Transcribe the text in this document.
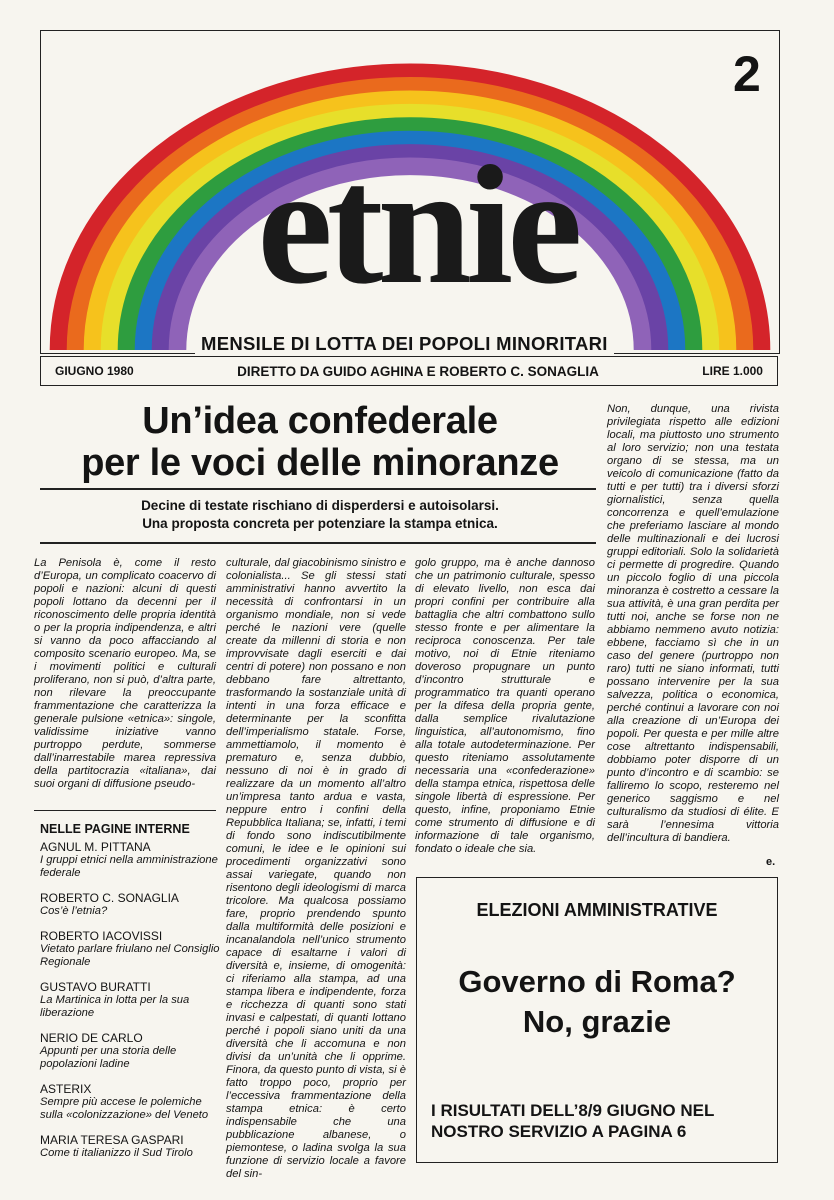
2
etnie
MENSILE DI LOTTA DEI POPOLI MINORITARI
GIUGNO 1980	DIRETTO DA GUIDO AGHINA E ROBERTO C. SONAGLIA	LIRE 1.000
Un’idea confederale
per le voci delle minoranze
Decine di testate rischiano di disperdersi e autoisolarsi.
Una proposta concreta per potenziare la stampa etnica.

La Penisola è, come il resto d’Europa, un complicato coacervo di popoli e nazioni: alcuni di questi popoli lottano da decenni per il riconoscimento delle propria identità o per la propria indipendenza, e altri si vanno da poco affacciando al composito scenario europeo. Ma, se i movimenti politici e culturali proliferano, non si può, d’altra parte, non rilevare la preoccupante frammentazione che caratterizza la generale pulsione «etnica»: singole, validissime iniziative vanno purtroppo perdute, sommerse dall’inarrestabile marea repressiva della partitocrazia «italiana», dai suoi organi di diffusione pseudo-

culturale, dal giacobinismo sinistro e colonialista... Se gli stessi stati amministrativi hanno avvertito la necessità di confrontarsi in un organismo mondiale, non si vede perché le nazioni vere (quelle create da millenni di storia e non improvvisate dagli eserciti e dai centri di potere) non possano e non debbano fare altrettanto, trasformando la sostanziale unità di intenti in una forza efficace e determinante per la sconfitta dell’imperialismo statale. Forse, ammettiamolo, il momento è prematuro e, senza dubbio, nessuno di noi è in grado di realizzare da un momento all’altro un’impresa tanto ardua e vasta, neppure entro i confini della Repubblica Italiana; se, infatti, i temi di fondo sono indiscutibilmente comuni, le idee e le opinioni sui procedimenti organizzativi sono assai variegate, quando non risentono degli ideologismi di marca tricolore. Ma qualcosa possiamo fare, proprio prendendo spunto dalla multiformità delle posizioni e incanalandola nell’unico strumento capace di esaltarne i valori di diversità e, insieme, di omogenità: ci riferiamo alla stampa, ad una stampa libera e indipendente, forza e ricchezza di quanti sono stati invasi e calpestati, di quanti lottano perché i popoli siano uniti da una diversità che li accomuna e non divisi da un’unità che li opprime. Finora, da questo punto di vista, si è fatto troppo poco, proprio per l’eccessiva frammentazione della stampa etnica: è certo indispensabile che una pubblicazione albanese, o piemontese, o ladina svolga la sua funzione di servizio locale a favore del sin-

golo gruppo, ma è anche dannoso che un patrimonio culturale, spesso di elevato livello, non esca dai propri confini per contribuire alla battaglia che altri combattono sullo stesso fronte e per alimentare la reciproca conoscenza. Per tale motivo, noi di Etnie riteniamo doveroso propugnare un punto d’incontro strutturale e programmatico tra quanti operano per la difesa della propria gente, dalla semplice rivalutazione linguistica, all’autonomismo, fino alla totale autodeterminazione. Per questo riteniamo assolutamente necessaria una «confederazione» della stampa etnica, rispettosa delle singole libertà di espressione. Per questo, infine, proponiamo Etnie come strumento di diffusione e di informazione di tale organismo, fondato o ideale che sia.

Non, dunque, una rivista privilegiata rispetto alle edizioni locali, ma piuttosto uno strumento al loro servizio; non una testata organo di se stessa, ma un veicolo di comunicazione (fatto da tutti e per tutti) tra i diversi sforzi giornalistici, senza quella concorrenza e quell’emulazione che preferiamo lasciare al mondo delle multinazionali e dei lucrosi gruppi editoriali. Solo la solidarietà ci permette di progredire. Quando un piccolo foglio di una piccola minoranza è costretto a cessare la sua attività, è una gran perdita per tutti noi, anche se forse non ne abbiamo nemmeno avuto notizia: ebbene, facciamo sì che in un caso del genere (purtroppo non raro) tutti ne siano informati, tutti possano intervenire per la sua salvezza, politica o economica, perché continui a lavorare con noi alla creazione di un’Europa dei popoli. Per questa e per mille altre cose altrettanto indispensabili, dobbiamo poter disporre di un punto d’incontro e di scambio: se falliremo lo scopo, resteremo nel generico saggismo e nel culturalismo da studiosi di élite. E sarà l’ennesima vittoria dell’incultura di bandiera.

e.
NELLE PAGINE INTERNE
AGNUL M. PITTANA
I gruppi etnici nella amministrazione federale
ROBERTO C. SONAGLIA
Cos’è l’etnia?
ROBERTO IACOVISSI
Vietato parlare friulano nel Consiglio Regionale
GUSTAVO BURATTI
La Martinica in lotta per la sua liberazione
NERIO DE CARLO
Appunti per una storia delle popolazioni ladine
ASTERIX
Sempre più accese le polemiche sulla «colonizzazione» del Veneto
MARIA TERESA GASPARI
Come ti italianizzo il Sud Tirolo
ELEZIONI AMMINISTRATIVE
Governo di Roma?
No, grazie
I RISULTATI DELL’8/9 GIUGNO NEL NOSTRO SERVIZIO A PAGINA 6
